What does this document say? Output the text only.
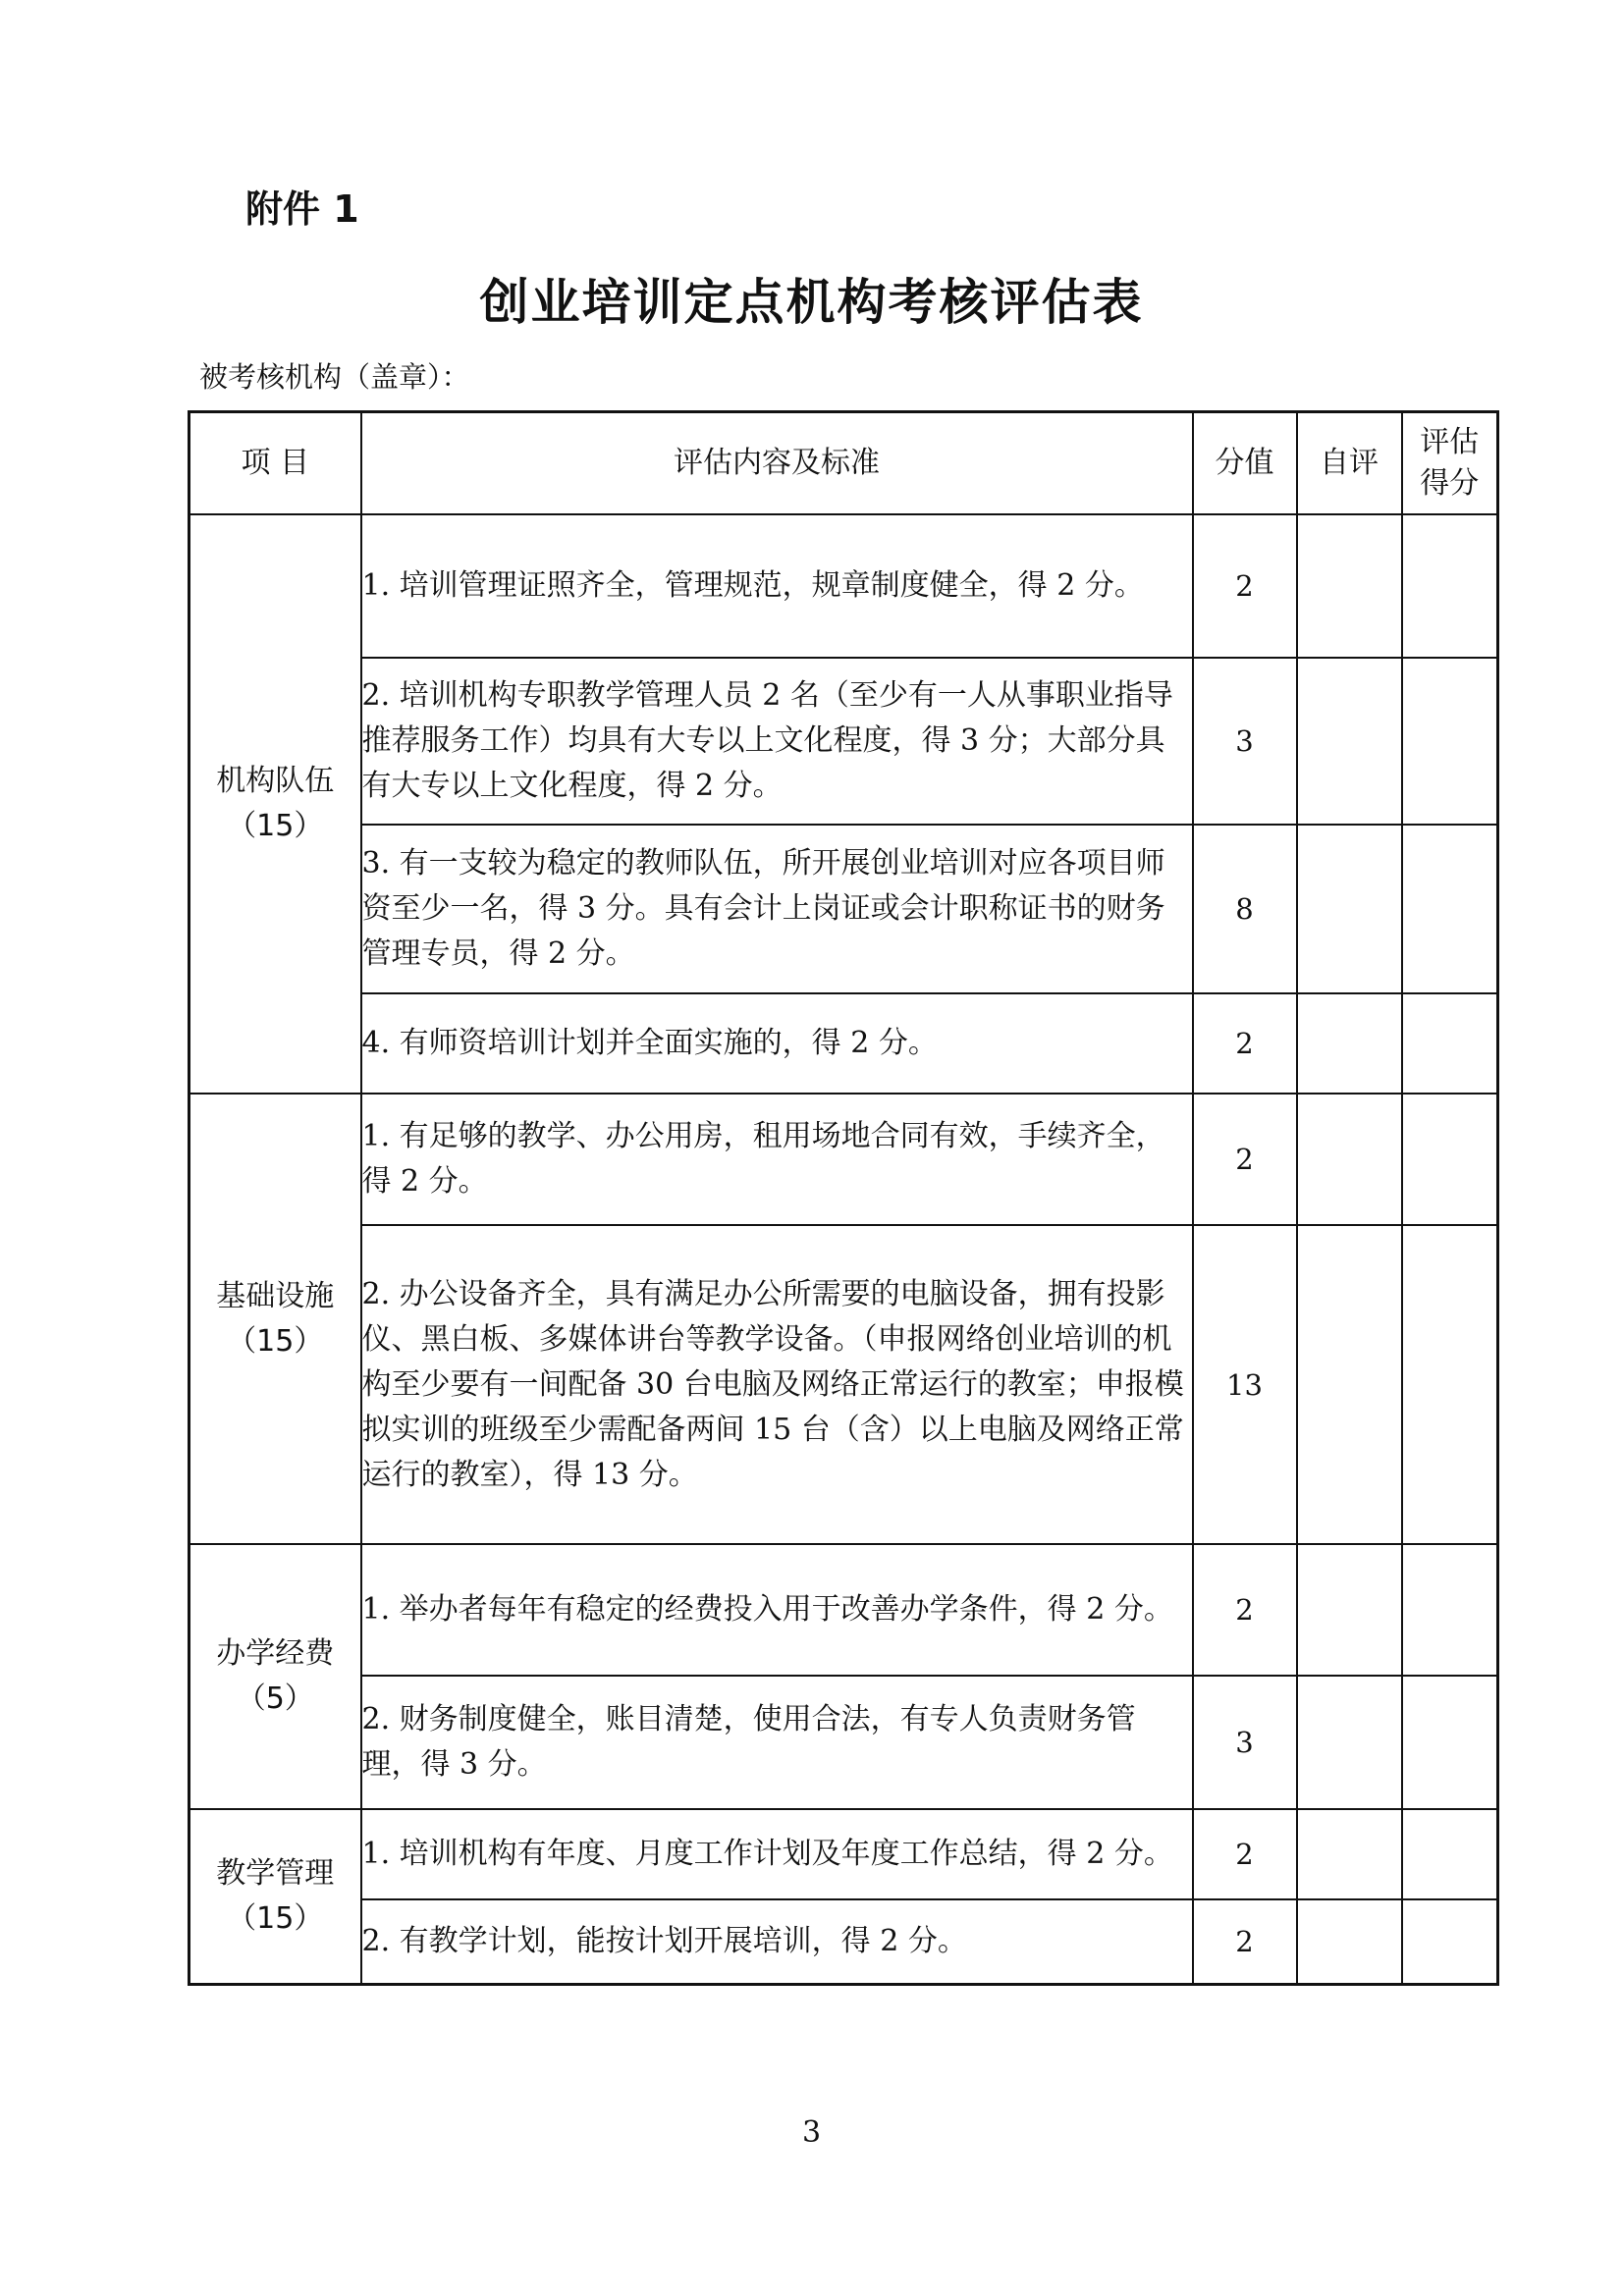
附件 1
创业培训定点机构考核评估表
被考核机构（盖章）：
项 目	评估内容及标准	分值	自评	评估
得分

机构队伍
（15）	1. 培训管理证照齐全，管理规范，规章制度健全，得 2 分。	2		
	2. 培训机构专职教学管理人员 2 名（至少有一人从事职业指导推荐服务工作）均具有大专以上文化程度，得 3 分；大部分具有大专以上文化程度，得 2 分。	3		
	3. 有一支较为稳定的教师队伍，所开展创业培训对应各项目师资至少一名，得 3 分。具有会计上岗证或会计职称证书的财务管理专员，得 2 分。	8		
	4. 有师资培训计划并全面实施的，得 2 分。	2		

基础设施
（15）	1. 有足够的教学、办公用房，租用场地合同有效，手续齐全，得 2 分。	2		
	2. 办公设备齐全，具有满足办公所需要的电脑设备，拥有投影仪、黑白板、多媒体讲台等教学设备。（申报网络创业培训的机构至少要有一间配备 30 台电脑及网络正常运行的教室；申报模拟实训的班级至少需配备两间 15 台（含）以上电脑及网络正常运行的教室），得 13 分。	13		

办学经费
（5）	1. 举办者每年有稳定的经费投入用于改善办学条件，得 2 分。	2		
	2. 财务制度健全，账目清楚，使用合法，有专人负责财务管理，得 3 分。	3		

教学管理
（15）	1. 培训机构有年度、月度工作计划及年度工作总结，得 2 分。	2		
	2. 有教学计划，能按计划开展培训，得 2 分。	2		
3
